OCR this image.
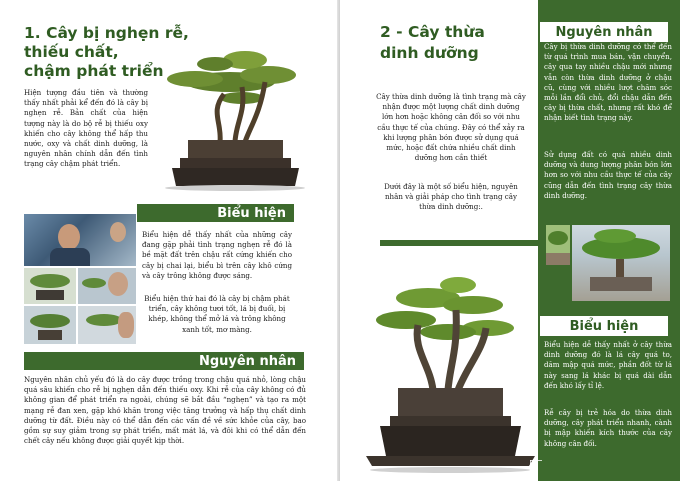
1. Cây bị nghẹn rễ,
thiếu chất,
chậm phát triển

Hiện tượng đầu tiên và thường thấy nhất phải kể đến đó là cây bị nghẹn rễ. Bản chất của hiện tượng này là do bộ rễ bị thiếu oxy khiến cho cây không thể hấp thu nước, oxy và chất dinh dưỡng, là nguyên nhân chính dẫn đến tình trạng cây chậm phát triển.

Biểu hiện

Biểu hiện dễ thấy nhất của những cây đang gặp phải tình trạng nghẹn rễ đó là bề mặt đất trên chậu rất cứng khiến cho cây bị chai lại, biểu bì trên cây khô cứng và cây trông không được sáng.

Biểu hiện thứ hai đó là cây bị chậm phát triển, cây không tươi tốt, lá bị đuối, bị khép, không thể mở lá và trông không xanh tốt, mơ màng.

Nguyên nhân

Nguyên nhân chủ yếu đó là do cây được trồng trong chậu quá nhỏ, lòng chậu quá sâu khiến cho rễ bị nghẹn dẫn đến thiếu oxy. Khi rễ của cây không có đủ không gian để phát triển ra ngoài, chúng sẽ bắt đầu “nghẹn” và tạo ra một mạng rễ đan xen, gặp khó khăn trong việc tăng trưởng và hấp thụ chất dinh dưỡng từ đất. Điều này có thể dẫn đến các vấn đề về sức khỏe của cây, bao gồm sự suy giảm trong sự phát triển, mất mát lá, và đôi khi có thể dẫn đến chết cây nếu không được giải quyết kịp thời.

2 - Cây thừa
dinh dưỡng

Cây thừa dinh dưỡng là tình trạng mà cây nhận được một lượng chất dinh dưỡng lớn hơn hoặc không cân đối so với nhu cầu thực tế của chúng. Đây có thể xảy ra khi lượng phân bón được sử dụng quá mức, hoặc đất chứa nhiều chất dinh dưỡng hơn cần thiết

Dưới đây là một số biểu hiện, nguyên nhân và giải pháp cho tình trạng cây thừa dinh dưỡng:.

Nguyên nhân

Cây bị thừa dinh dưỡng có thể đến từ quá trình mua bán, vận chuyển, cây qua tay nhiều chậu mới nhưng vẫn còn thừa dinh dưỡng ở chậu cũ, cùng với nhiều lượt chăm sóc mỗi lần đổi chủ, đổi chậu dẫn đến cây bị thừa chất, nhưng rất khó để nhận biết tình trạng này.

Sử dụng đất có quá nhiều dinh dưỡng và dung lượng phân bón lớn hơn so với nhu cầu thực tế của cây cũng dẫn đến tình trạng cây thừa dinh dưỡng.

Biểu hiện

Biểu hiện dễ thấy nhất ở cây thừa dinh dưỡng đó là lá cây quá to, dăm mập quá mức, phần đốt từ lá này sang lá khác bị quá dài dẫn đến khó lấy tỉ lệ.

Rễ cây bị trẻ hóa do thừa dinh dưỡng, cây phát triển nhanh, cành bị mập khiến kích thước của cây không cân đối.
